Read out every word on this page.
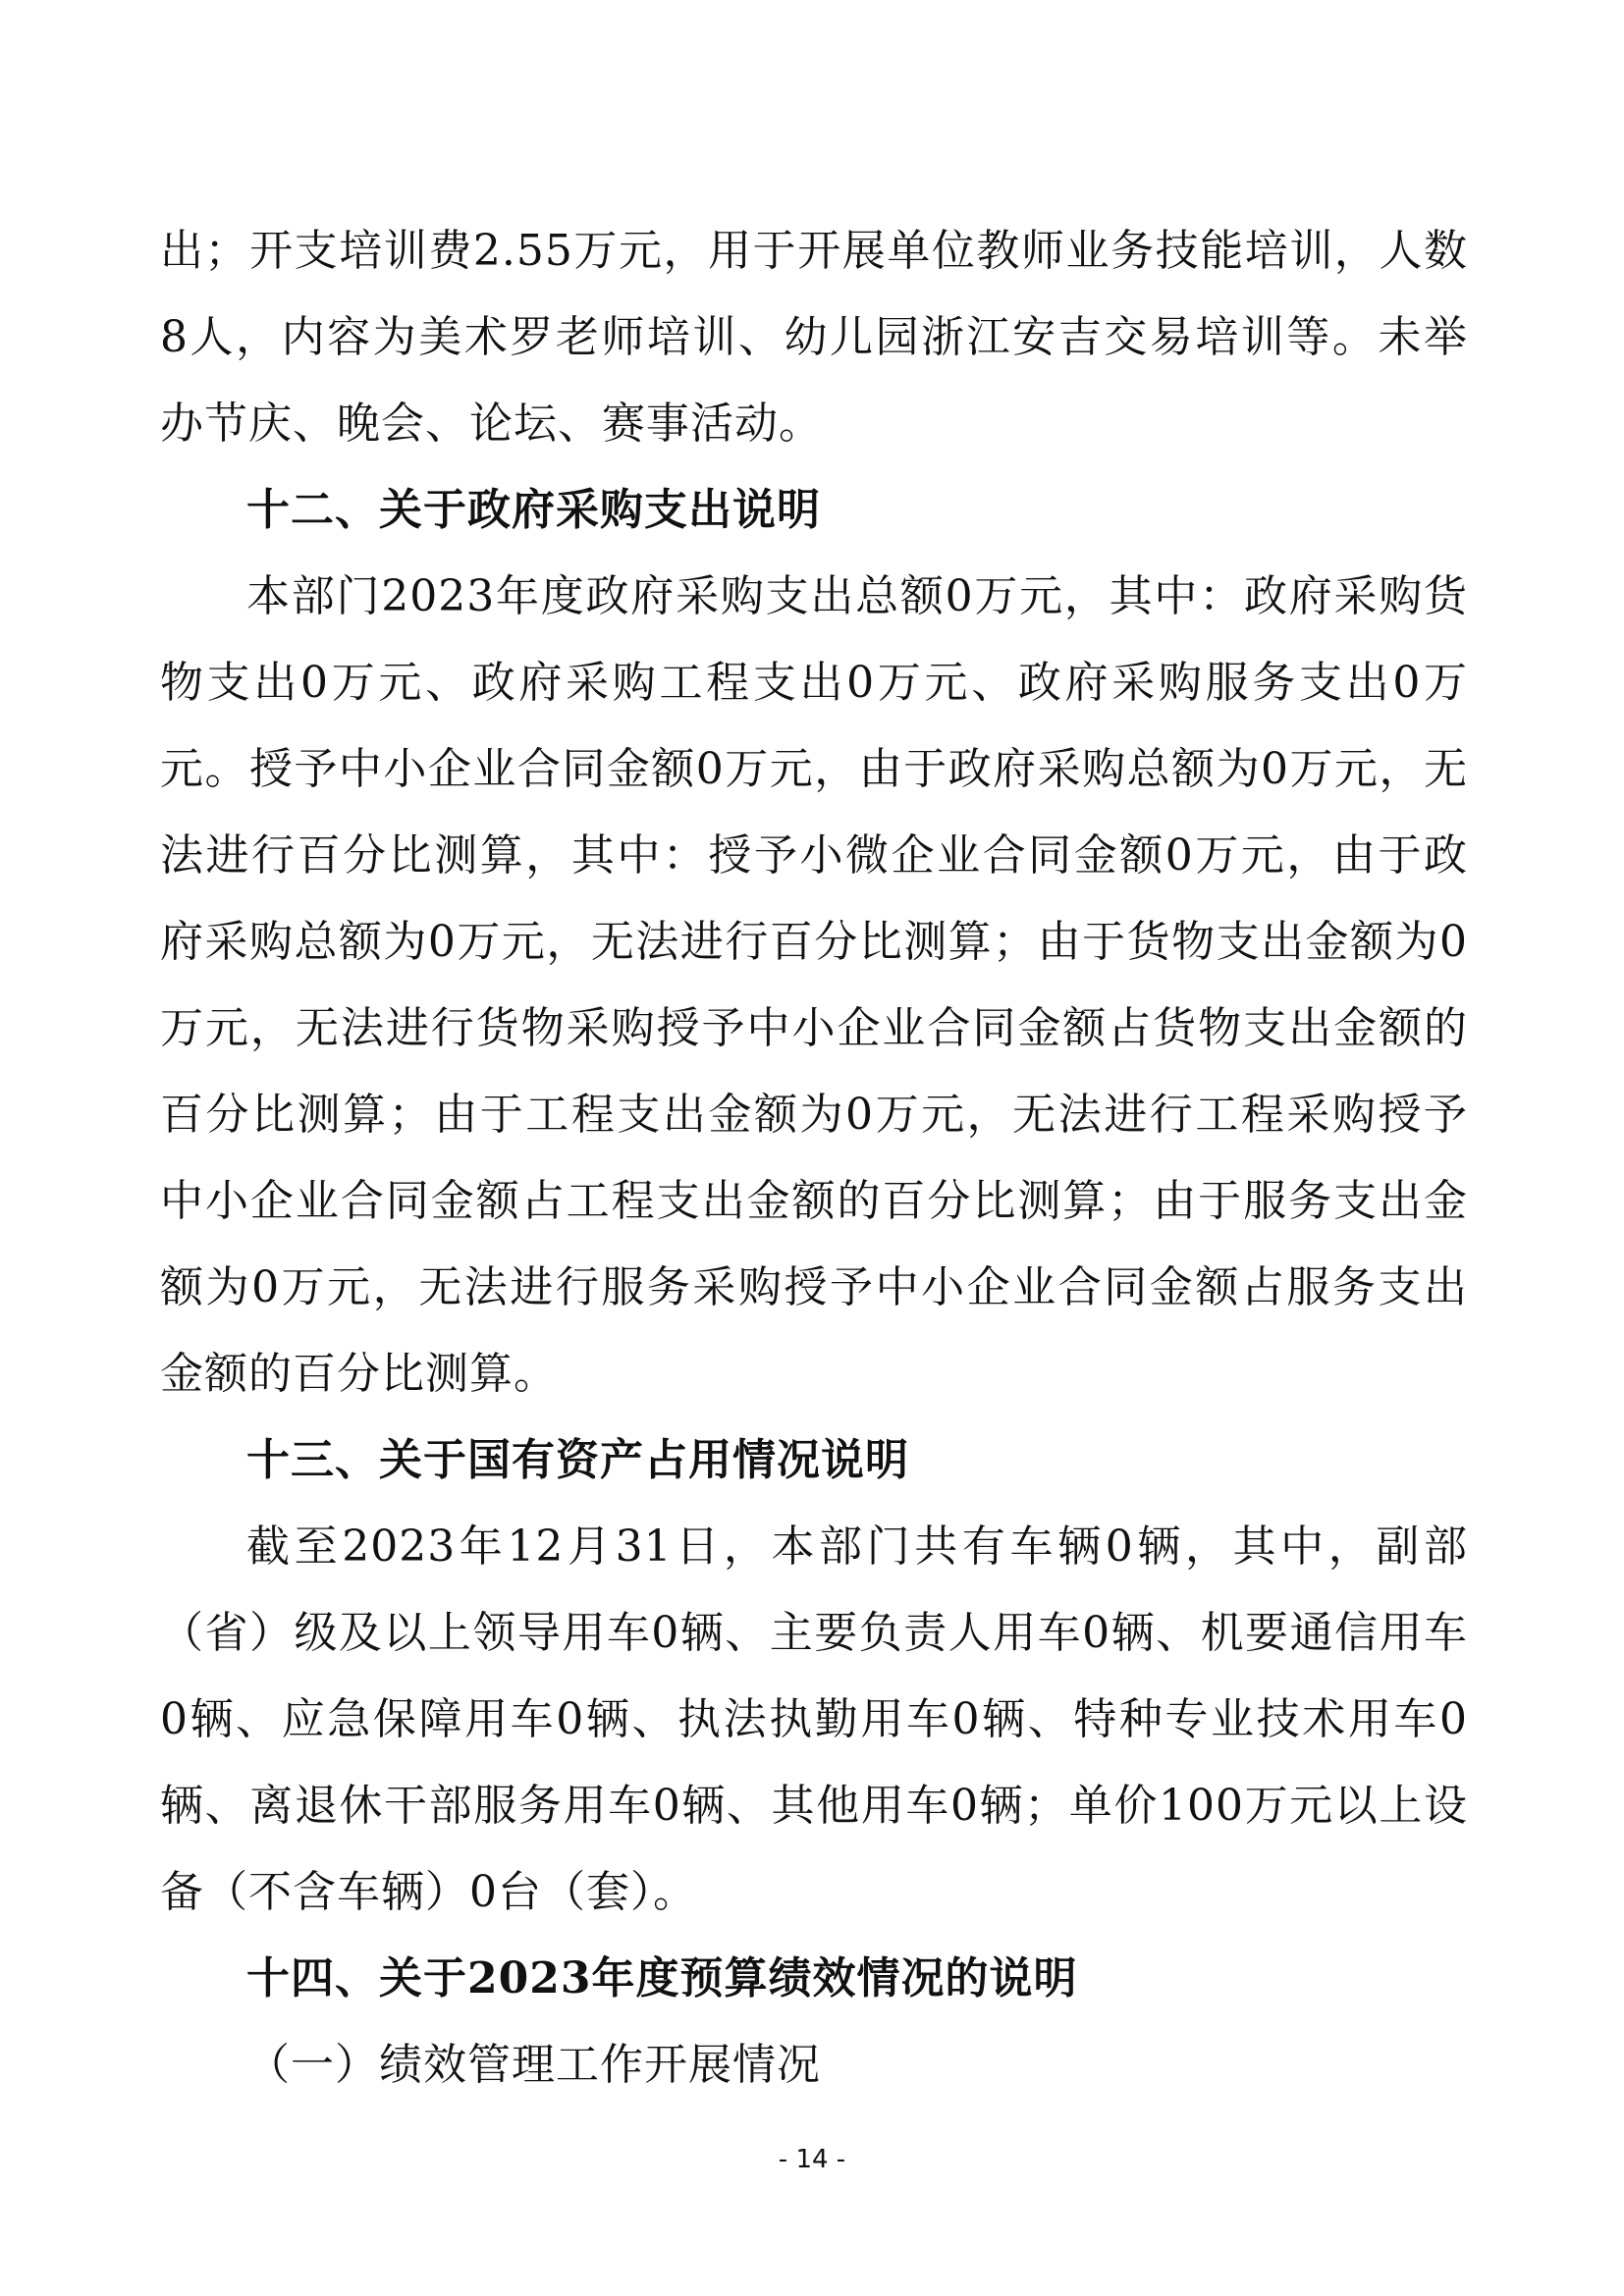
出；开支培训费2.55万元，用于开展单位教师业务技能培训，人数8人，内容为美术罗老师培训、幼儿园浙江安吉交易培训等。未举办节庆、晚会、论坛、赛事活动。

十二、关于政府采购支出说明

本部门2023年度政府采购支出总额0万元，其中：政府采购货物支出0万元、政府采购工程支出0万元、政府采购服务支出0万元。授予中小企业合同金额0万元，由于政府采购总额为0万元，无法进行百分比测算，其中：授予小微企业合同金额0万元，由于政府采购总额为0万元，无法进行百分比测算；由于货物支出金额为0万元，无法进行货物采购授予中小企业合同金额占货物支出金额的百分比测算；由于工程支出金额为0万元，无法进行工程采购授予中小企业合同金额占工程支出金额的百分比测算；由于服务支出金额为0万元，无法进行服务采购授予中小企业合同金额占服务支出金额的百分比测算。

十三、关于国有资产占用情况说明

截至2023年12月31日，本部门共有车辆0辆，其中，副部（省）级及以上领导用车0辆、主要负责人用车0辆、机要通信用车0辆、应急保障用车0辆、执法执勤用车0辆、特种专业技术用车0辆、离退休干部服务用车0辆、其他用车0辆；单价100万元以上设备（不含车辆）0台（套）。

十四、关于2023年度预算绩效情况的说明

（一）绩效管理工作开展情况

- 14 -
